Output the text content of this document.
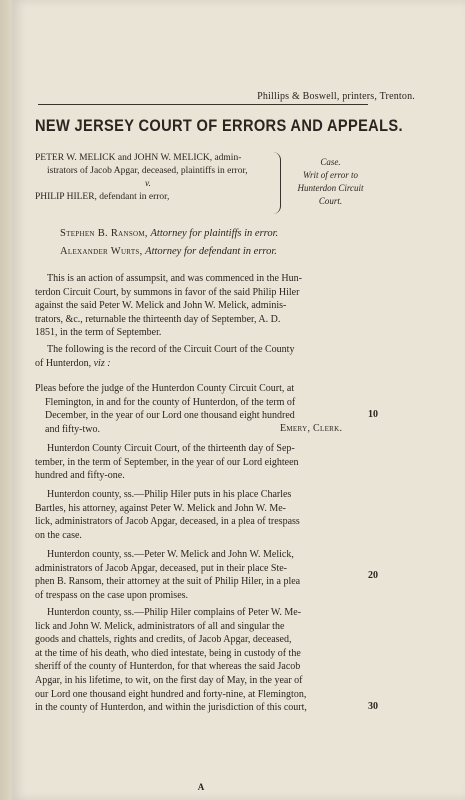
Phillips & Boswell, printers, Trenton.
NEW JERSEY COURT OF ERRORS AND APPEALS.
PETER W. MELICK and JOHN W. MELICK, admin-
istrators of Jacob Apgar, deceased, plaintiffs in error,
v.
PHILIP HILER, defendant in error,
Case.
Writ of error to
Hunterdon Circuit
Court.
Stephen B. Ransom, Attorney for plaintiffs in error.
Alexander Wurts, Attorney for defendant in error.
This is an action of assumpsit, and was commenced in the Hun-
terdon Circuit Court, by summons in favor of the said Philip Hiler
against the said Peter W. Melick and John W. Melick, adminis-
trators, &c., returnable the thirteenth day of September, A. D.
1851, in the term of September.
The following is the record of the Circuit Court of the County
of Hunterdon, viz :
Pleas before the judge of the Hunterdon County Circuit Court, at
Flemington, in and for the county of Hunterdon, of the term of
December, in the year of our Lord one thousand eight hundred
and fifty-two.	Emery, Clerk.
10
Hunterdon County Circuit Court, of the thirteenth day of Sep-
tember, in the term of September, in the year of our Lord eighteen
hundred and fifty-one.
Hunterdon county, ss.—Philip Hiler puts in his place Charles
Bartles, his attorney, against Peter W. Melick and John W. Me-
lick, administrators of Jacob Apgar, deceased, in a plea of trespass
on the case.
Hunterdon county, ss.—Peter W. Melick and John W. Melick,
administrators of Jacob Apgar, deceased, put in their place Ste-
phen B. Ransom, their attorney at the suit of Philip Hiler, in a plea
of trespass on the case upon promises.
20
Hunterdon county, ss.—Philip Hiler complains of Peter W. Me-
lick and John W. Melick, administrators of all and singular the
goods and chattels, rights and credits, of Jacob Apgar, deceased,
at the time of his death, who died intestate, being in custody of the
sheriff of the county of Hunterdon, for that whereas the said Jacob
Apgar, in his lifetime, to wit, on the first day of May, in the year of
our Lord one thousand eight hundred and forty-nine, at Flemington,
in the county of Hunterdon, and within the jurisdiction of this court,	30
A
